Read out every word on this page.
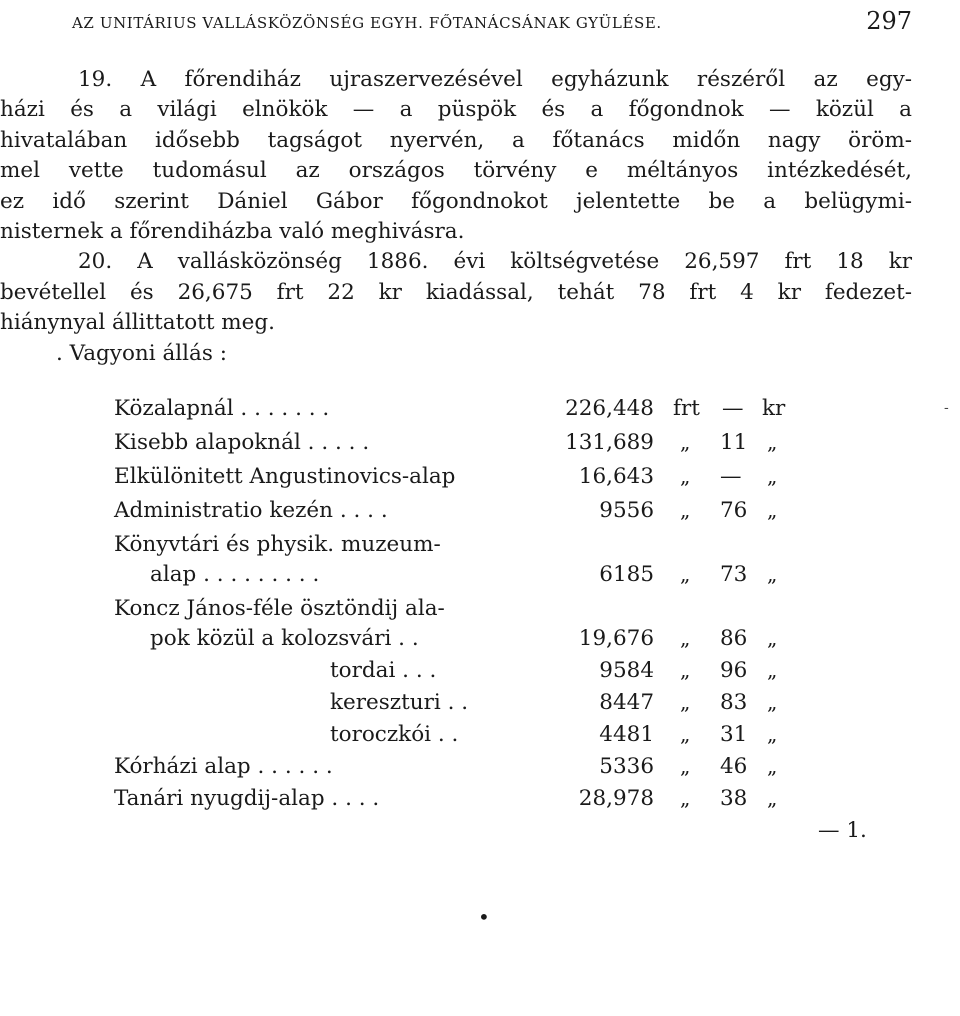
AZ UNITÁRIUS VALLÁSKÖZÖNSÉG EGYH. FŐTANÁCSÁNAK GYÜLÉSE.	297
19. A főrendiház ujraszervezésével egyházunk részéről az egy-
házi és a világi elnökök — a püspök és a főgondnok — közül a
hivatalában idősebb tagságot nyervén, a főtanács midőn nagy öröm-
mel vette tudomásul az országos törvény e méltányos intézkedését,
ez idő szerint Dániel Gábor főgondnokot jelentette be a belügymi-
nisternek a főrendiházba való meghivásra.
20. A vallásközönség 1886. évi költségvetése 26,597 frt 18 kr
bevétellel és 26,675 frt 22 kr kiadással, tehát 78 frt 4 kr fedezet-
hiánynyal állittatott meg.
. Vagyoni állás :
-
Közalapnál . . . . . . .	226,448 frt — kr
Kisebb alapoknál . . . . .	131,689 „ 11 „
Elkülönitett Angustinovics-alap	16,643 „ — „
Administratio kezén . . . .	9556 „ 76 „
Könyvtári és physik. muzeum-
alap . . . . . . . . .	6185 „ 73 „
Koncz János-féle ösztöndij ala-
pok közül a kolozsvári . .	19,676 „ 86 „
tordai . . .	9584 „ 96 „
kereszturi . .	8447 „ 83 „
toroczkói . .	4481 „ 31 „
Kórházi alap . . . . . .	5336 „ 46 „
Tanári nyugdij-alap . . . .	28,978 „ 38 „
— 1.
•
